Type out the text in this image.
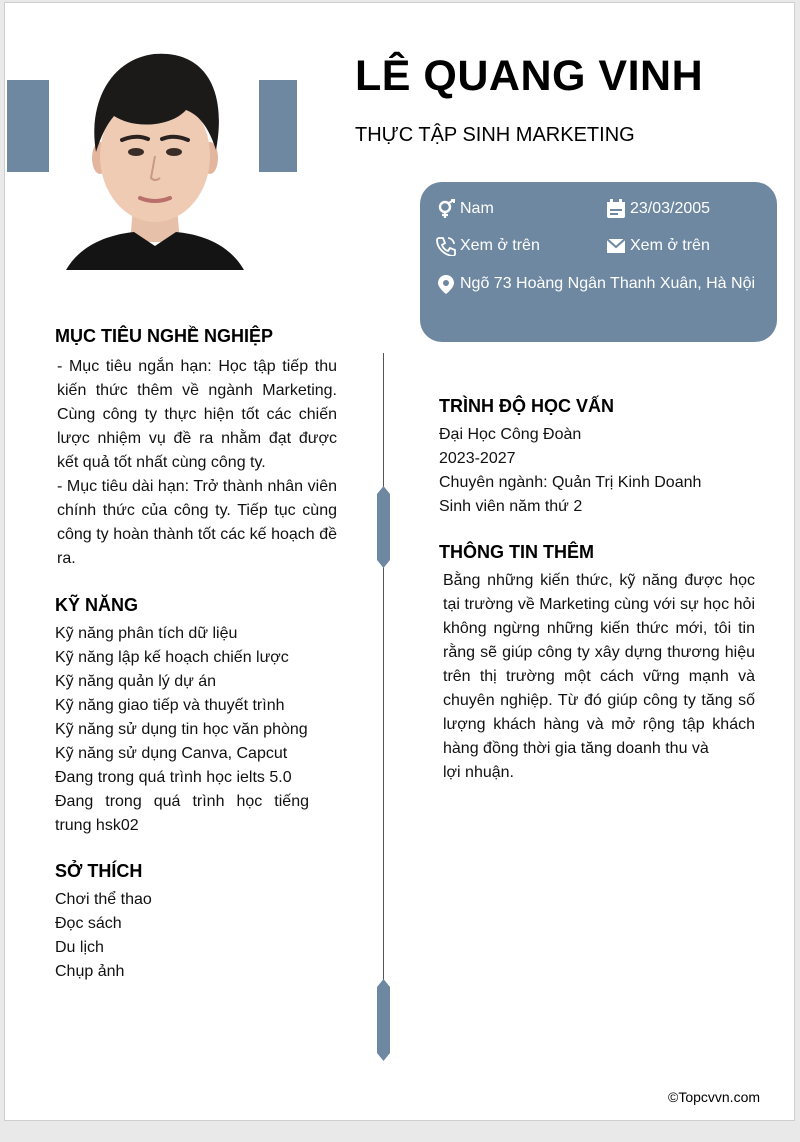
LÊ QUANG VINH
THỰC TẬP SINH MARKETING
Nam	23/03/2005
Xem ở trên	Xem ở trên
Ngõ 73 Hoàng Ngân Thanh Xuân, Hà Nội
MỤC TIÊU NGHỀ NGHIỆP
- Mục tiêu ngắn hạn: Học tập tiếp thu kiến thức thêm về ngành Marketing. Cùng công ty thực hiện tốt các chiến lược nhiệm vụ đề ra nhằm đạt được kết quả tốt nhất cùng công ty.
- Mục tiêu dài hạn: Trở thành nhân viên chính thức của công ty. Tiếp tục cùng công ty hoàn thành tốt các kế hoạch đề ra.
KỸ NĂNG
Kỹ năng phân tích dữ liệu
Kỹ năng lập kế hoạch chiến lược
Kỹ năng quản lý dự án
Kỹ năng giao tiếp và thuyết trình
Kỹ năng sử dụng tin học văn phòng
Kỹ năng sử dụng Canva, Capcut
Đang trong quá trình học ielts 5.0
Đang trong quá trình học tiếng trung hsk02
SỞ THÍCH
Chơi thể thao
Đọc sách
Du lịch
Chụp ảnh
TRÌNH ĐỘ HỌC VẤN
Đại Học Công Đoàn
2023-2027
Chuyên ngành: Quản Trị Kinh Doanh
Sinh viên năm thứ 2
THÔNG TIN THÊM
Bằng những kiến thức, kỹ năng được học tại trường về Marketing cùng với sự học hỏi không ngừng những kiến thức mới, tôi tin rằng sẽ giúp công ty xây dựng thương hiệu trên thị trường một cách vững mạnh và chuyên nghiệp. Từ đó giúp công ty tăng số lượng khách hàng và mở rộng tập khách hàng đồng thời gia tăng doanh thu và
lợi nhuận.
©Topcvvn.com
